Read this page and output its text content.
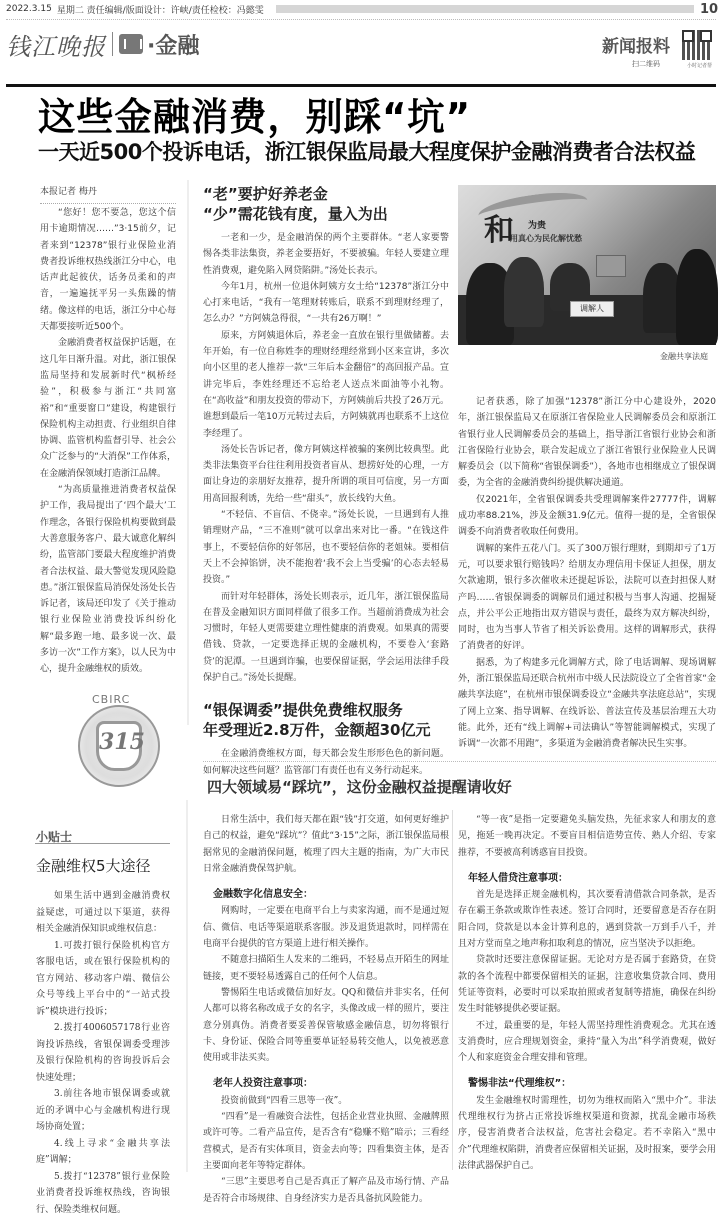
2022.3.15 星期二 责任编辑/版面设计：许峡/责任检校：冯懿雯	10
钱江晚报 ·金融	新闻报料
扫二维码	小时记者帮
这些金融消费，别踩“坑”
一天近500个投诉电话，浙江银保监局最大程度保护金融消费者合法权益
本报记者 梅丹

“您好！您不要急，您这个信用卡逾期情况……”3·15前夕，记者来到“12378”银行业保险业消费者投诉维权热线浙江分中心，电话声此起彼伏，话务员柔和的声音，一遍遍抚平另一头焦躁的情绪。像这样的电话，浙江分中心每天都要接听近500个。

金融消费者权益保护话题，在这几年日渐升温。对此，浙江银保监局坚持和发展新时代“枫桥经验”，积极参与浙江“共同富裕”和“重要窗口”建设，构建银行保险机构主动担责、行业组织自律协调、监管机构监督引导、社会公众广泛参与的“大消保”工作体系，在金融消保领域打造浙江品牌。

“为高质量推进消费者权益保护工作，我局提出了‘四个最大’工作理念，各银行保险机构要做到最大善意服务客户、最大诚意化解纠纷，监管部门要最大程度维护消费者合法权益、最大警觉发现风险隐患。”浙江银保监局消保处汤处长告诉记者，该局还印发了《关于推动银行业保险业消费投诉纠纷化解“最多跑一地、最多说一次、最多访一次”工作方案》，以人民为中心，提升金融维权的质效。

CBIRC
315
“老”要护好养老金
“少”需花钱有度，量入为出

一老和一少，是金融消保的两个主要群体。“老人家要警惕各类非法集资，养老金要捂好，不要被骗。年轻人要建立理性消费观，避免陷入网贷陷阱。”汤处长表示。

今年1月，杭州一位退休阿姨方女士给“12378”浙江分中心打来电话，“我有一笔理财转账后，联系不到理财经理了，怎么办？”方阿姨急得很，“一共有26万啊！”

原来，方阿姨退休后，养老金一直放在银行里做储蓄。去年开始，有一位自称姓李的理财经理经常到小区来宣讲，多次向小区里的老人推荐一款“三年后本金翻倍”的高回报产品。宣讲完毕后，李姓经理还不忘给老人送点米面油等小礼物。在“高收益”和朋友投资的带动下，方阿姨前后共投了26万元。谁想到最后一笔10万元转过去后，方阿姨就再也联系不上这位李经理了。

汤处长告诉记者，像方阿姨这样被骗的案例比较典型。此类非法集资平台往往利用投资者盲从、想捞好处的心理，一方面让身边的亲朋好友推荐，提升所谓的项目可信度，另一方面用高回报利诱，先给一些“甜头”，放长线钓大鱼。

“不轻信、不盲信、不侥幸。”汤处长说，一旦遇到有人推销理财产品，“三不准则”就可以拿出来对比一番。“在钱这件事上，不要轻信你的好邻居，也不要轻信你的老姐妹。要相信天上不会掉馅饼，决不能抱着‘我不会上当受骗’的心态去轻易投资。”

而针对年轻群体，汤处长则表示，近几年，浙江银保监局在普及金融知识方面同样做了很多工作。当超前消费成为社会习惯时，年轻人更需要建立理性健康的消费观。如果真的需要借钱、贷款，一定要选择正规的金融机构，不要卷入‘套路贷’的泥潭。一旦遇到诈骗，也要保留证据，学会运用法律手段保护自己。”汤处长提醒。

“银保调委”提供免费维权服务
年受理近2.8万件，金额超30亿元

在金融消费维权方面，每天都会发生形形色色的新问题。如何解决这些问题？监管部门有责任也有义务行动起来。

和 为贵
用真心为民化解忧愁
调解人
金融共享法庭

记者获悉，除了加强“12378”浙江分中心建设外，2020年，浙江银保监局又在原浙江省保险业人民调解委员会和原浙江省银行业人民调解委员会的基础上，指导浙江省银行业协会和浙江省保险行业协会，联合发起成立了浙江省银行业保险业人民调解委员会（以下简称“省银保调委”），各地市也相继成立了银保调委，为全省的金融消费纠纷提供解决通道。

仅2021年，全省银保调委共受理调解案件27777件，调解成功率88.21%，涉及金额31.9亿元。值得一提的是，全省银保调委不向消费者收取任何费用。

调解的案件五花八门。买了300万银行理财，到期却亏了1万元，可以要求银行赔钱吗？给朋友办理信用卡保证人担保，朋友欠款逾期，银行多次催收未还提起诉讼，法院可以查封担保人财产吗……省银保调委的调解员们通过积极与当事人沟通、挖掘疑点，并公平公正地指出双方错误与责任，最终为双方解决纠纷，同时，也为当事人节省了相关诉讼费用。这样的调解形式，获得了消费者的好评。

据悉，为了构建多元化调解方式，除了电话调解、现场调解外，浙江银保监局还联合杭州市中级人民法院设立了全省首家“金融共享法庭”，在杭州市银保调委设立“金融共享法庭总站”，实现了网上立案、指导调解、在线诉讼、普法宣传及基层治理五大功能。此外，还有“线上调解+司法确认”等智能调解模式，实现了诉调“一次都不用跑”，多渠道为金融消费者解决民生实事。

四大领域易“踩坑”，这份金融权益提醒请收好
小贴士
金融维权5大途径

如果生活中遇到金融消费权益疑虑，可通过以下渠道，获得相关金融消保知识或维权信息：

1.可拨打银行保险机构官方客服电话，或在银行保险机构的官方网站、移动客户端、微信公众号等线上平台中的“一站式投诉”模块进行投诉；

2.拨打4006057178行业咨询投诉热线，省银保调委受理涉及银行保险机构的咨询投诉后会快速处理；

3.前往各地市银保调委或就近的矛调中心与金融机构进行现场协商处置；

4.线上寻求“金融共享法庭”调解；

5.拨打“12378”银行业保险业消费者投诉维权热线，咨询银行、保险类维权问题。

日常生活中，我们每天都在跟“钱”打交道，如何更好维护自己的权益，避免“踩坑”？值此“3·15”之际，浙江银保监局根据常见的金融消保问题，梳理了四大主题的指南，为广大市民日常金融消费保驾护航。

金融数字化信息安全：

网购时，一定要在电商平台上与卖家沟通，而不是通过短信、微信、电话等渠道联系客服。涉及退货退款时，同样需在电商平台提供的官方渠道上进行相关操作。

不随意扫描陌生人发来的二维码，不轻易点开陌生的网址链接，更不要轻易透露自己的任何个人信息。

警惕陌生电话或微信加好友。QQ和微信并非实名，任何人都可以将名称改成子女的名字，头像改成一样的照片，要注意分别真伪。消费者要妥善保管敏感金融信息，切勿将银行卡、身份证、保险合同等重要单证轻易转交他人，以免被恶意使用或非法买卖。

老年人投资注意事项：

投资前做到“四看三思等一夜”。

“四看”是一看融资合法性，包括企业营业执照、金融牌照或许可等。二看产品宣传，是否含有“稳赚不赔”暗示；三看经营模式，是否有实体项目，资金去向等；四看集资主体，是否主要面向老年等特定群体。

“三思”主要思考自己是否真正了解产品及市场行情、产品是否符合市场规律、自身经济实力是否具备抗风险能力。

“等一夜”是指一定要避免头脑发热，先征求家人和朋友的意见，拖延一晚再决定。不要盲目相信造势宣传、熟人介绍、专家推荐，不要被高利诱惑盲目投资。

年轻人借贷注意事项：

首先是选择正规金融机构，其次要看清借款合同条款，是否存在霸王条款或欺诈性表述。签订合同时，还要留意是否存在阴阳合同，贷款是以本金计算利息的，遇到贷款一万到手八千，并且对方堂而皇之地声称扣取利息的情况，应当坚决予以拒绝。

贷款时还要注意保留证据。无论对方是否属于套路贷，在贷款的各个流程中都要保留相关的证据，注意收集贷款合同、费用凭证等资料，必要时可以采取拍照或者复制等措施，确保在纠纷发生时能够提供必要证据。

不过，最重要的是，年轻人需坚持理性消费观念。尤其在透支消费时，应合理规划资金，秉持“量入为出”科学消费观，做好个人和家庭资金合理安排和管理。

警惕非法“代理维权”：

发生金融维权时需理性，切勿为维权而陷入“黑中介”。非法代理维权行为挤占正常投诉维权渠道和资源，扰乱金融市场秩序，侵害消费者合法权益，危害社会稳定。若不幸陷入“黑中介”代理维权陷阱，消费者应保留相关证据，及时报案，要学会用法律武器保护自己。
